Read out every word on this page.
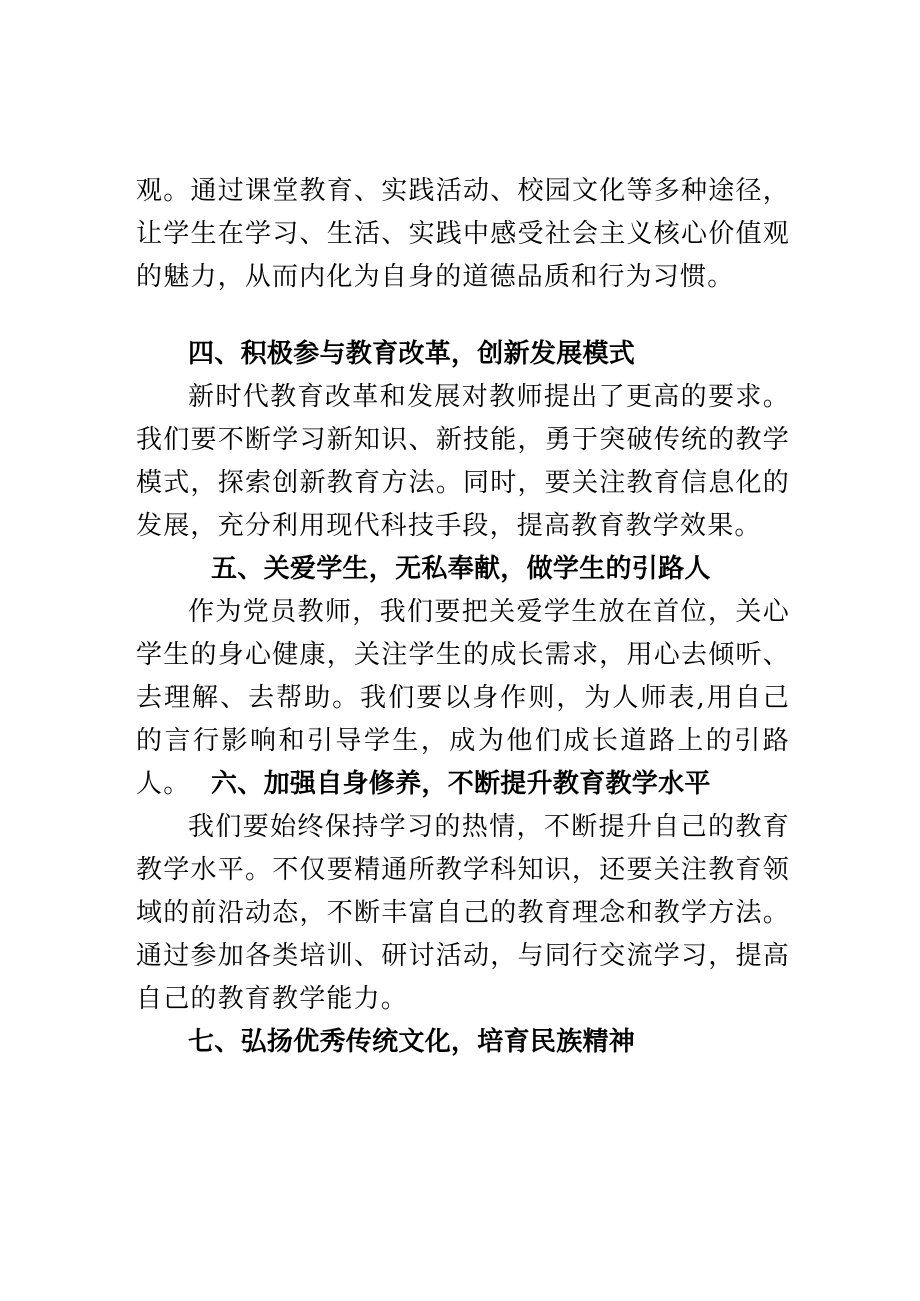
观。通过课堂教育、实践活动、校园文化等多种途径，让学生在学习、生活、实践中感受社会主义核心价值观的魅力，从而内化为自身的道德品质和行为习惯。

四、积极参与教育改革，创新发展模式

新时代教育改革和发展对教师提出了更高的要求。我们要不断学习新知识、新技能，勇于突破传统的教学模式，探索创新教育方法。同时，要关注教育信息化的发展，充分利用现代科技手段，提高教育教学效果。

五、关爱学生，无私奉献，做学生的引路人

作为党员教师，我们要把关爱学生放在首位，关心学生的身心健康，关注学生的成长需求，用心去倾听、去理解、去帮助。我们要以身作则，为人师表,用自己的言行影响和引导学生，成为他们成长道路上的引路人。 六、加强自身修养，不断提升教育教学水平

我们要始终保持学习的热情，不断提升自己的教育教学水平。不仅要精通所教学科知识，还要关注教育领域的前沿动态，不断丰富自己的教育理念和教学方法。通过参加各类培训、研讨活动，与同行交流学习，提高自己的教育教学能力。

七、弘扬优秀传统文化，培育民族精神
